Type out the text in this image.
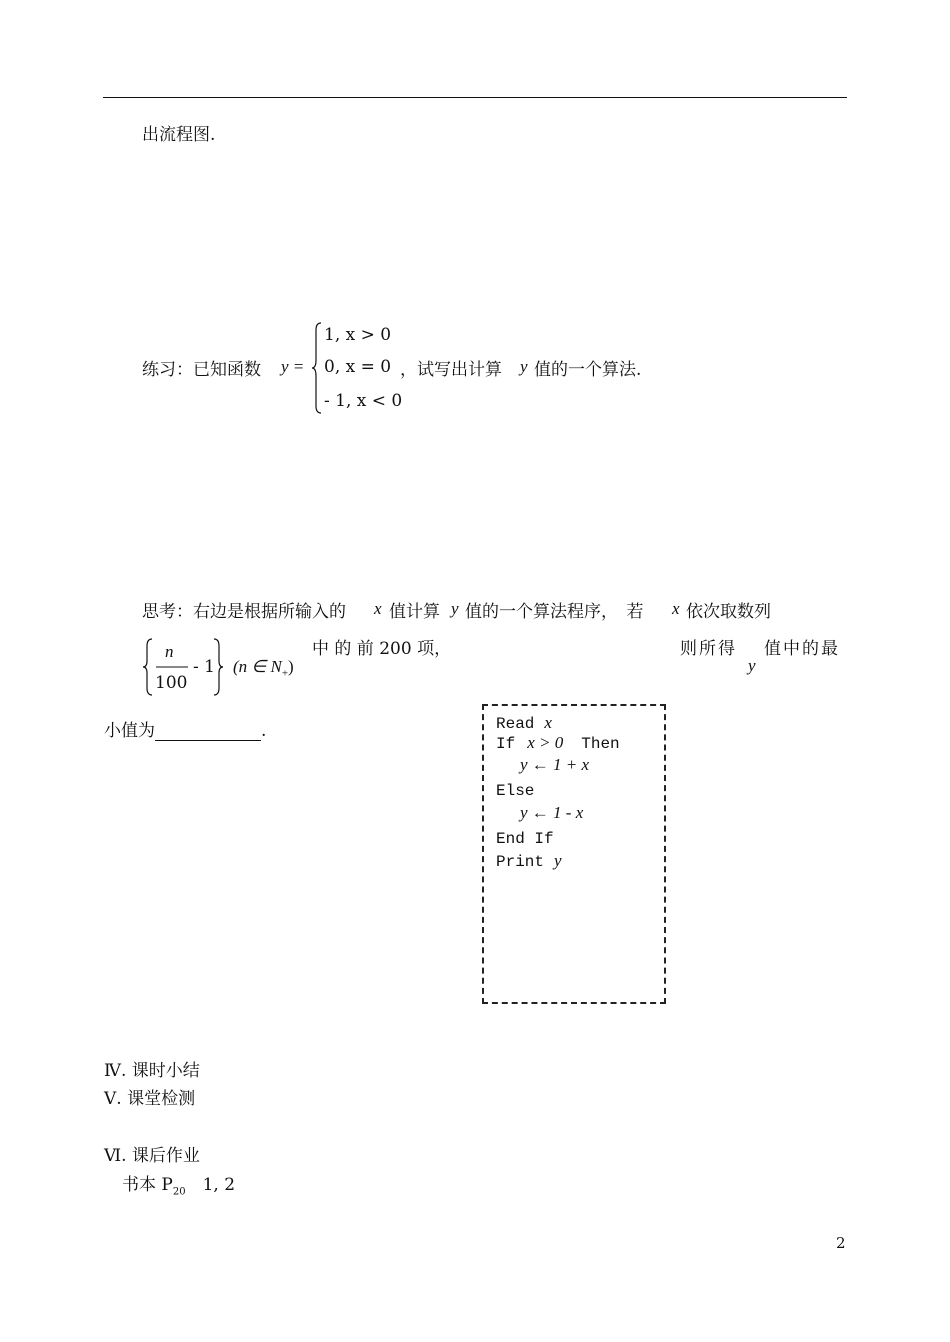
出流程图.
练习：已知函数 y =
1, x > 0
0, x = 0
- 1, x < 0
，试写出计算 y 值的一个算法.
思考：右边是根据所输入的 x 值计算 y 值的一个算法程序，　若 x 依次取数列
n
100
- 1 (n ∈ $N_+$)
中 的 前 200 项，	则所得
y
值中的最
小值为	.	Read x
If x > 0 Then
y ← 1 + x
Else
y ← 1 - x
End If
Print y
Ⅳ. 课时小结
Ⅴ. 课堂检测
Ⅵ. 课后作业
书本 $P_{20}$　1, 2
2
